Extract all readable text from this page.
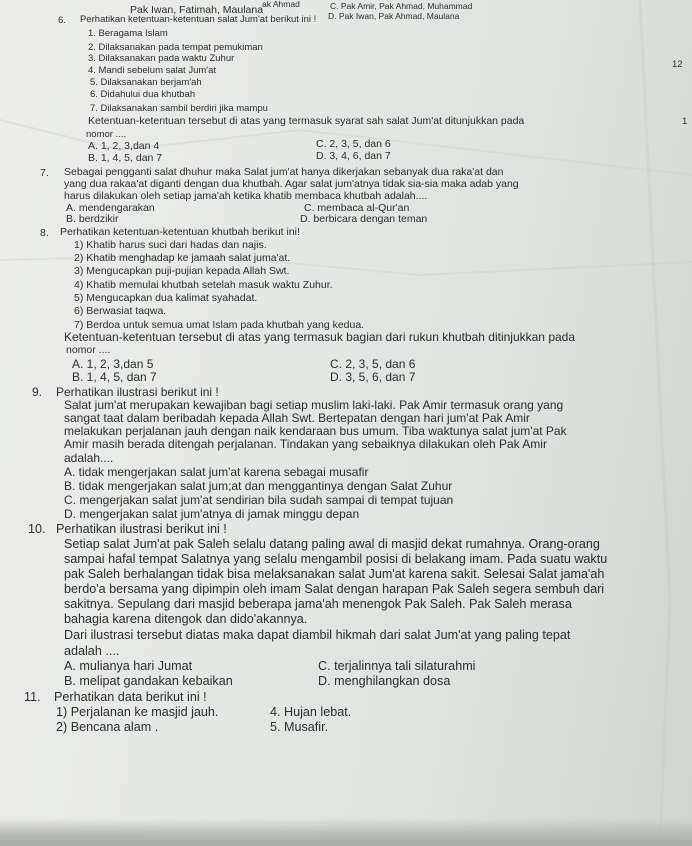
ak Ahmad	C. Pak Amir, Pak Ahmad, Muhammad
Pak Iwan, Fatimah, Maulana	D. Pak Iwan, Pak Ahmad, Maulana
6. Perhatikan ketentuan-ketentuan salat Jum'at berikut ini !
1. Beragama Islam
2. Dilaksanakan pada tempat pemukiman
3. Dilaksanakan pada waktu Zuhur
12
4. Mandi sebelum salat Jum'at
5. Dilaksanakan berjam'ah
6. Didahului dua khutbah
7. Dilaksanakan sambil berdiri jika mampu
Ketentuan-ketentuan tersebut di atas yang termasuk syarat sah salat Jum'at ditunjukkan pada	1
nomor ....
A. 1, 2, 3,dan 4	C. 2, 3, 5, dan 6
B. 1, 4, 5, dan 7	D. 3, 4, 6, dan 7
7. Sebagai pengganti salat dhuhur maka Salat jum'at hanya dikerjakan sebanyak dua raka'at dan
yang dua rakaa'at diganti dengan dua khutbah. Agar salat jum'atnya tidak sia-sia maka adab yang
harus dilakukan oleh setiap jama'ah ketika khatib membaca khutbah adalah....
A. mendengarakan	C. membaca al-Qur'an
B. berdzikir	D. berbicara dengan teman
8. Perhatikan ketentuan-ketentuan khutbah berikut ini!
1) Khatib harus suci dari hadas dan najis.
2) Khatib menghadap ke jamaah salat juma'at.
3) Mengucapkan puji-pujian kepada Allah Swt.
4) Khatib memulai khutbah setelah masuk waktu Zuhur.
5) Mengucapkan dua kalimat syahadat.
6) Berwasiat taqwa.
7) Berdoa untuk semua umat Islam pada khutbah yang kedua.
Ketentuan-ketentuan tersebut di atas yang termasuk bagian dari rukun khutbah ditinjukkan pada
nomor ....
A. 1, 2, 3,dan 5	C. 2, 3, 5, dan 6
B. 1, 4, 5, dan 7	D. 3, 5, 6, dan 7
9. Perhatikan ilustrasi berikut ini !
Salat jum'at merupakan kewajiban bagi setiap muslim laki-laki. Pak Amir termasuk orang yang
sangat taat dalam beribadah kepada Allah Swt. Bertepatan dengan hari jum'at Pak Amir
melakukan perjalanan jauh dengan naik kendaraan bus umum. Tiba waktunya salat jum'at Pak
Amir masih berada ditengah perjalanan. Tindakan yang sebaiknya dilakukan oleh Pak Amir
adalah....
A. tidak mengerjakan salat jum'at karena sebagai musafir
B. tidak mengerjakan salat jum;at dan menggantinya dengan Salat Zuhur
C. mengerjakan salat jum'at sendirian bila sudah sampai di tempat tujuan
D. mengerjakan salat jum'atnya di jamak minggu depan
10. Perhatikan ilustrasi berikut ini !
Setiap salat Jum'at pak Saleh selalu datang paling awal di masjid dekat rumahnya. Orang-orang
sampai hafal tempat Salatnya yang selalu mengambil posisi di belakang imam. Pada suatu waktu
pak Saleh berhalangan tidak bisa melaksanakan salat Jum'at karena sakit. Selesai Salat jama'ah
berdo'a bersama yang dipimpin oleh imam Salat dengan harapan Pak Saleh segera sembuh dari
sakitnya. Sepulang dari masjid beberapa jama'ah menengok Pak Saleh. Pak Saleh merasa
bahagia karena ditengok dan dido'akannya.
Dari ilustrasi tersebut diatas maka dapat diambil hikmah dari salat Jum'at yang paling tepat
adalah ....
A. mulianya hari Jumat	C. terjalinnya tali silaturahmi
B. melipat gandakan kebaikan	D. menghilangkan dosa
11. Perhatikan data berikut ini !
1) Perjalanan ke masjid jauh.	4. Hujan lebat.
2) Bencana alam .	5. Musafir.
